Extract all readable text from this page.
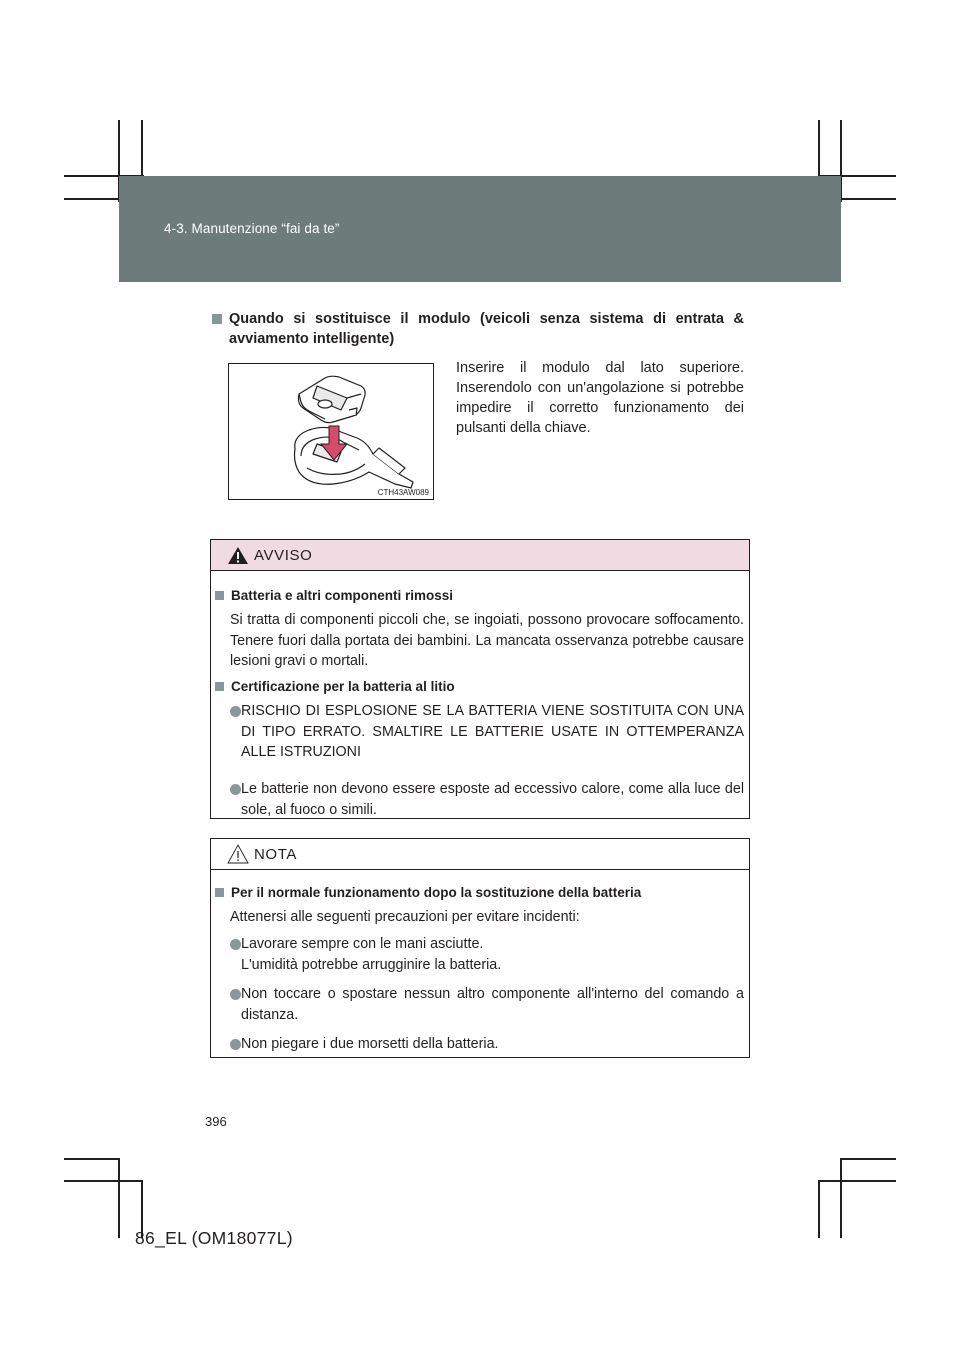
4-3. Manutenzione “fai da te”
Quando si sostituisce il modulo (veicoli senza sistema di entrata & avviamento intelligente)
CTH43AW089
Inserire il modulo dal lato superiore. Inserendolo con un'angolazione si potrebbe impedire il corretto funzionamento dei pulsanti della chiave.
AVVISO
Batteria e altri componenti rimossi
Si tratta di componenti piccoli che, se ingoiati, possono provocare soffocamento. Tenere fuori dalla portata dei bambini. La mancata osservanza potrebbe causare lesioni gravi o mortali.
Certificazione per la batteria al litio
RISCHIO DI ESPLOSIONE SE LA BATTERIA VIENE SOSTITUITA CON UNA DI TIPO ERRATO. SMALTIRE LE BATTERIE USATE IN OTTEMPERANZA ALLE ISTRUZIONI
Le batterie non devono essere esposte ad eccessivo calore, come alla luce del sole, al fuoco o simili.
NOTA
Per il normale funzionamento dopo la sostituzione della batteria
Attenersi alle seguenti precauzioni per evitare incidenti:
Lavorare sempre con le mani asciutte.
L'umidità potrebbe arrugginire la batteria.
Non toccare o spostare nessun altro componente all'interno del comando a distanza.
Non piegare i due morsetti della batteria.
396
86_EL (OM18077L)
